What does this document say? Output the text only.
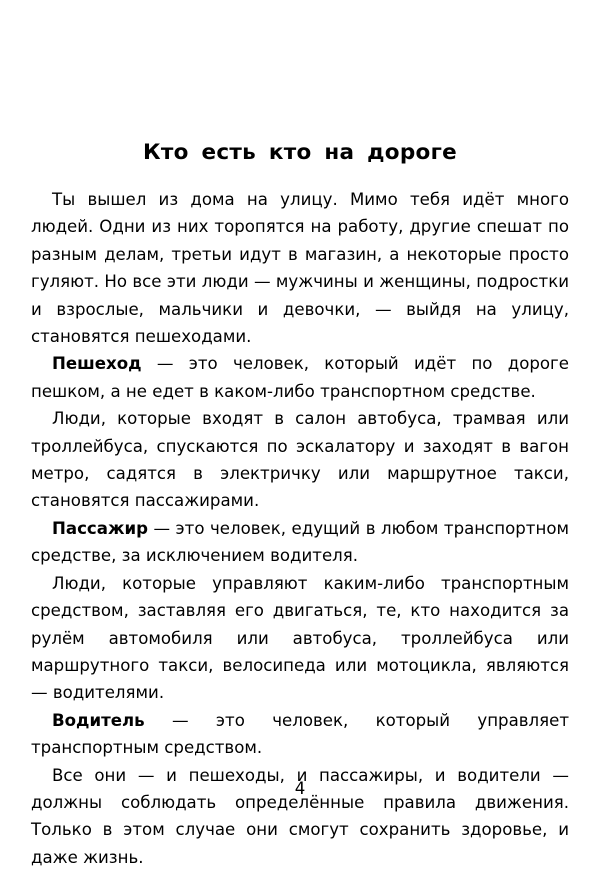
Кто есть кто на дороге

Ты вышел из дома на улицу. Мимо тебя идёт много людей. Одни из них торопятся на работу, другие спешат по разным делам, третьи идут в магазин, а некоторые просто гуляют. Но все эти люди — мужчины и женщины, подростки и взрослые, мальчики и девочки, — выйдя на улицу, становятся пешеходами.

Пешеход — это человек, который идёт по дороге пешком, а не едет в каком-либо транспортном средстве.

Люди, которые входят в салон автобуса, трамвая или троллейбуса, спускаются по эскалатору и заходят в вагон метро, садятся в электричку или маршрутное такси, становятся пассажирами.

Пассажир — это человек, едущий в любом транспортном средстве, за исключением водителя.

Люди, которые управляют каким-либо транспортным средством, заставляя его двигаться, те, кто находится за рулём автомобиля или автобуса, троллейбуса или маршрутного такси, велосипеда или мотоцикла, являются — водителями.

Водитель — это человек, который управляет транспортным средством.

Все они — и пешеходы, и пассажиры, и водители — должны соблюдать определённые правила движения. Только в этом случае они смогут сохранить здоровье, и даже жизнь.

4
